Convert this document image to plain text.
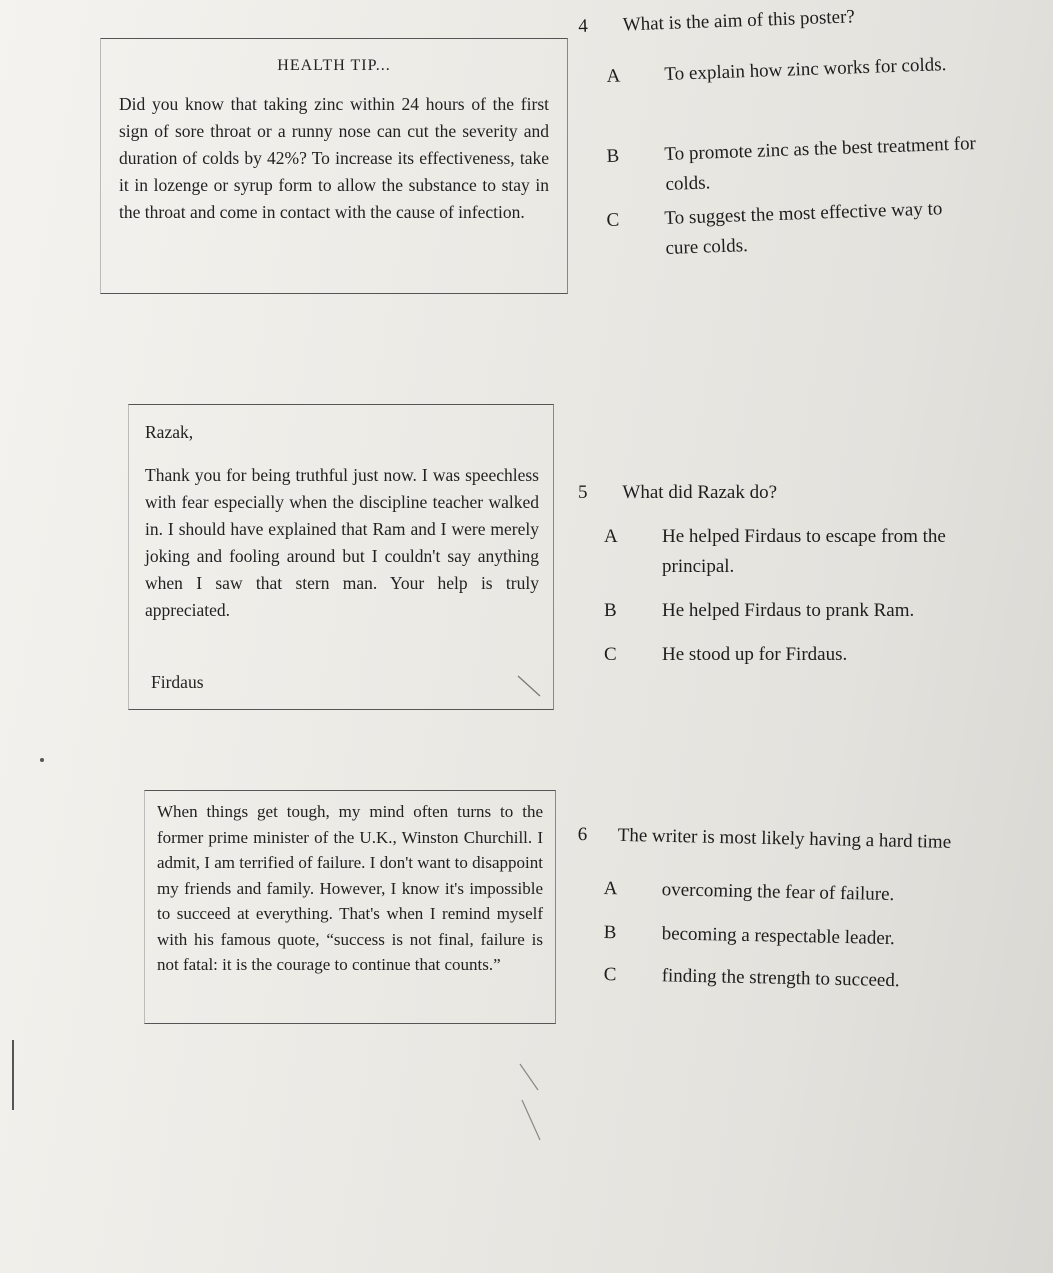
HEALTH TIP...

Did you know that taking zinc within 24 hours of the first sign of sore throat or a runny nose can cut the severity and duration of colds by 42%? To increase its effectiveness, take it in lozenge or syrup form to allow the substance to stay in the throat and come in contact with the cause of infection.

4 What is the aim of this poster?
A	To explain how zinc works for colds.
B	To promote zinc as the best treatment for colds.
C	To suggest the most effective way to cure colds.

Razak,

Thank you for being truthful just now. I was speechless with fear especially when the discipline teacher walked in. I should have explained that Ram and I were merely joking and fooling around but I couldn't say anything when I saw that stern man. Your help is truly appreciated.

Firdaus

5 What did Razak do?
A	He helped Firdaus to escape from the principal.
B	He helped Firdaus to prank Ram.
C	He stood up for Firdaus.

When things get tough, my mind often turns to the former prime minister of the U.K., Winston Churchill. I admit, I am terrified of failure. I don't want to disappoint my friends and family. However, I know it's impossible to succeed at everything. That's when I remind myself with his famous quote, “success is not final, failure is not fatal: it is the courage to continue that counts.”

6	The writer is most likely having a hard time
A	overcoming the fear of failure.
B	becoming a respectable leader.
C	finding the strength to succeed.
